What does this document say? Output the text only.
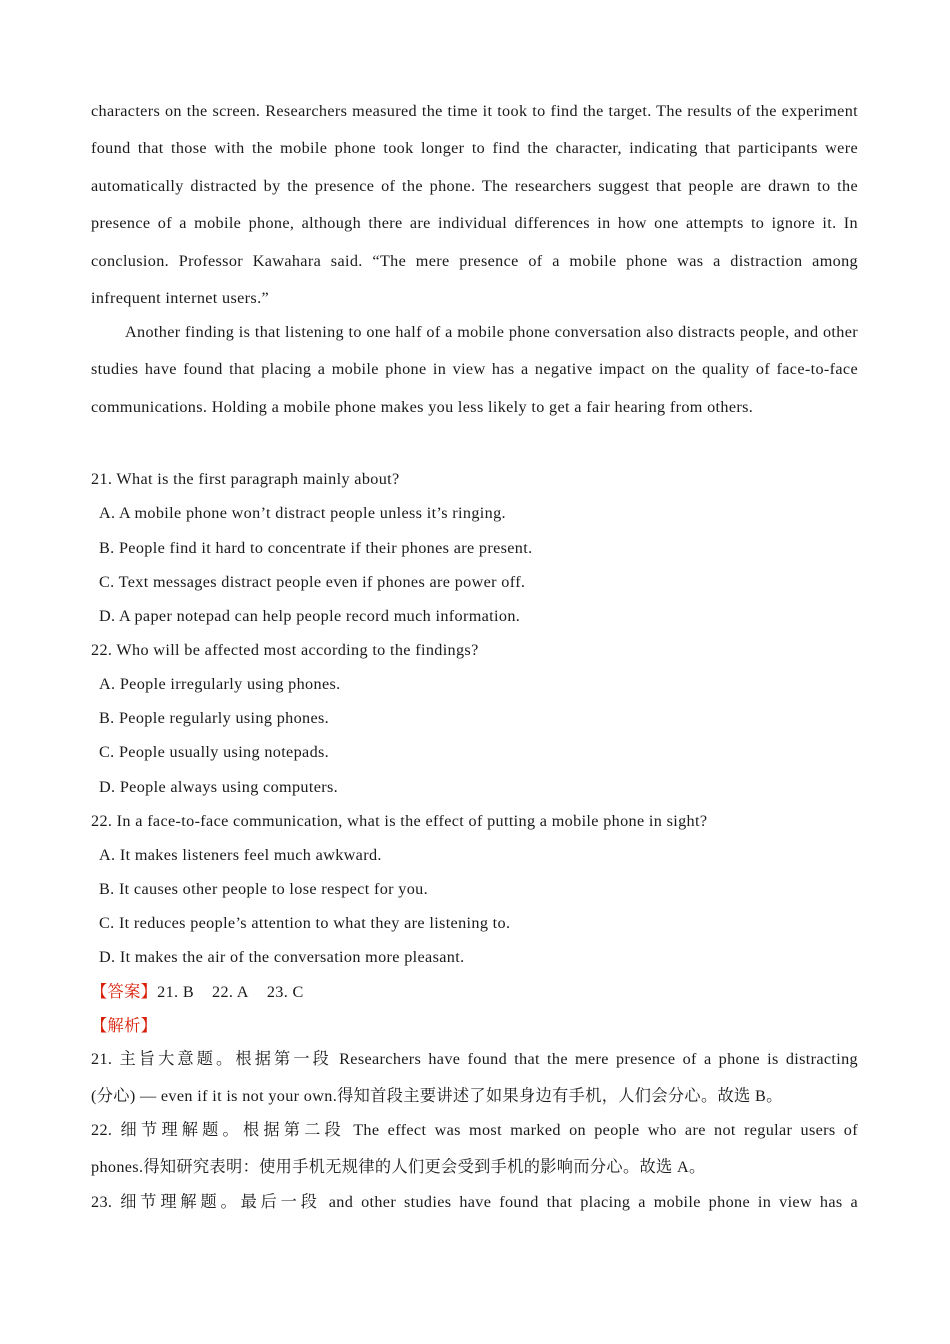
characters on the screen. Researchers measured the time it took to find the target. The results of the experiment found that those with the mobile phone took longer to find the character, indicating that participants were automatically distracted by the presence of the phone. The researchers suggest that people are drawn to the presence of a mobile phone, although there are individual differences in how one attempts to ignore it. In conclusion. Professor Kawahara said. “The mere presence of a mobile phone was a distraction among infrequent internet users.”
Another finding is that listening to one half of a mobile phone conversation also distracts people, and other studies have found that placing a mobile phone in view has a negative impact on the quality of face-to-face communications. Holding a mobile phone makes you less likely to get a fair hearing from others.
21. What is the first paragraph mainly about?
A. A mobile phone won’t distract people unless it’s ringing.
B. People find it hard to concentrate if their phones are present.
C. Text messages distract people even if phones are power off.
D. A paper notepad can help people record much information.
22. Who will be affected most according to the findings?
A. People irregularly using phones.
B. People regularly using phones.
C. People usually using notepads.
D. People always using computers.
22. In a face-to-face communication, what is the effect of putting a mobile phone in sight?
A. It makes listeners feel much awkward.
B. It causes other people to lose respect for you.
C. It reduces people’s attention to what they are listening to.
D. It makes the air of the conversation more pleasant.
【答案】21. B 22. A 23. C
【解析】
21. 主旨大意题。根据第一段 Researchers have found that the mere presence of a phone is distracting
(分心) — even if it is not your own.得知首段主要讲述了如果身边有手机，人们会分心。故选 B。
22. 细节理解题。根据第二段 The effect was most marked on people who are not regular users of
phones.得知研究表明：使用手机无规律的人们更会受到手机的影响而分心。故选 A。
23. 细节理解题。最后一段 and other studies have found that placing a mobile phone in view has a
